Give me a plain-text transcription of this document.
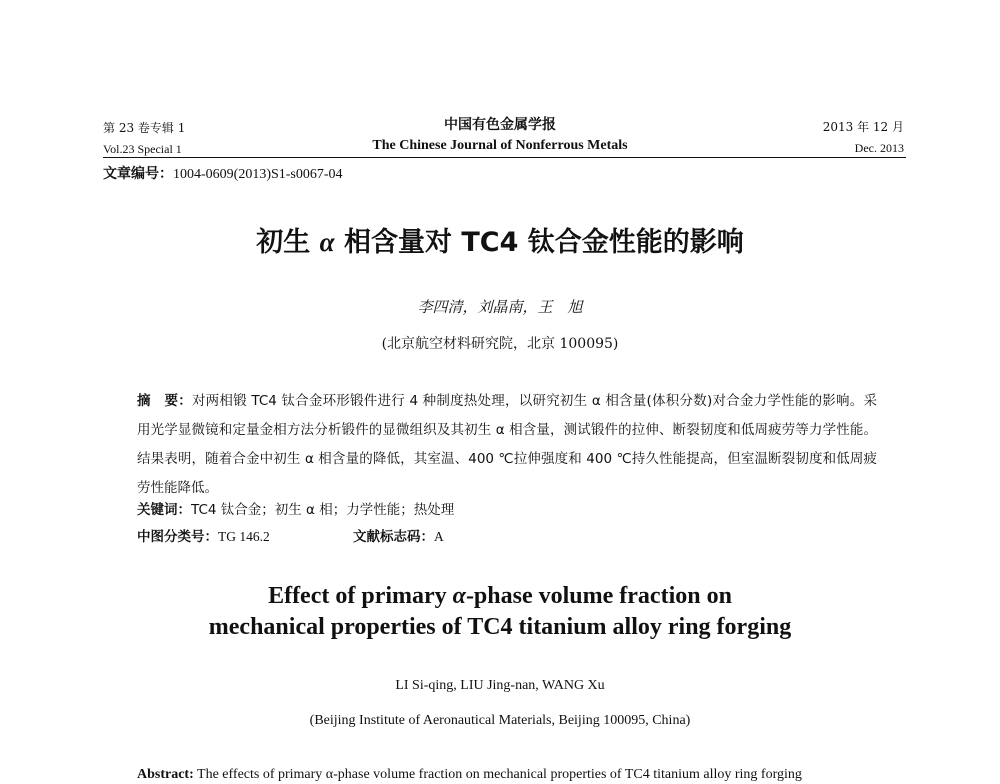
第 23 卷专辑 1
Vol.23 Special 1
中国有色金属学报
The Chinese Journal of Nonferrous Metals
2013 年 12 月
Dec. 2013
文章编号：1004-0609(2013)S1-s0067-04
初生 α 相含量对 TC4 钛合金性能的影响
李四清，刘晶南，王　旭
(北京航空材料研究院，北京 100095)
摘　要：对两相锻 TC4 钛合金环形锻件进行 4 种制度热处理，以研究初生 α 相含量(体积分数)对合金力学性能的影响。采用光学显微镜和定量金相方法分析锻件的显微组织及其初生 α 相含量，测试锻件的拉伸、断裂韧度和低周疲劳等力学性能。结果表明，随着合金中初生 α 相含量的降低，其室温、400 ℃拉伸强度和 400 ℃持久性能提高，但室温断裂韧度和低周疲劳性能降低。
关键词：TC4 钛合金；初生 α 相；力学性能；热处理
中图分类号：TG 146.2	文献标志码：A
Effect of primary α-phase volume fraction on
mechanical properties of TC4 titanium alloy ring forging
LI Si-qing, LIU Jing-nan, WANG Xu
(Beijing Institute of Aeronautical Materials, Beijing 100095, China)
Abstract: The effects of primary α-phase volume fraction on mechanical properties of TC4 titanium alloy ring forging
